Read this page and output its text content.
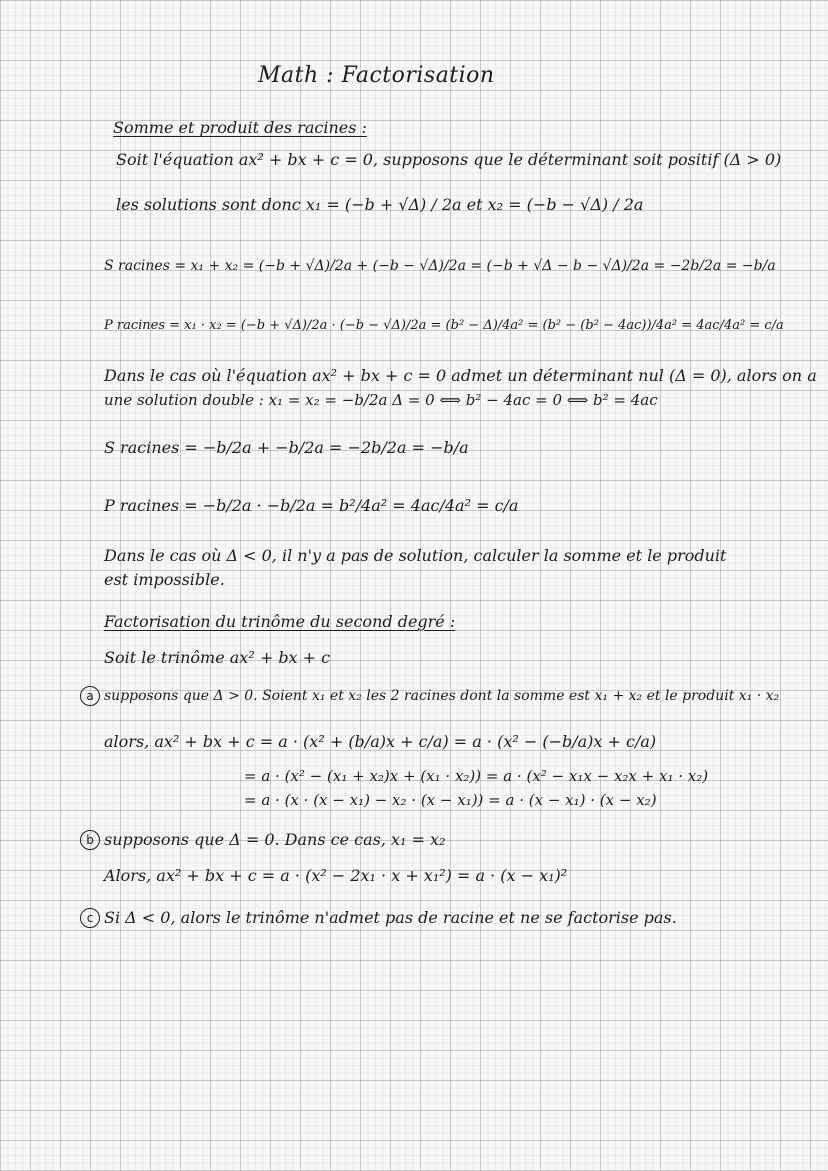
Math : Factorisation
Somme et produit des racines :
Soit l'équation ax² + bx + c = 0, supposons que le déterminant soit positif (Δ > 0)
les solutions sont donc x₁ = (−b + √Δ) / 2a et x₂ = (−b − √Δ) / 2a
S racines = x₁ + x₂ = (−b + √Δ)/2a + (−b − √Δ)/2a = (−b + √Δ − b − √Δ)/2a = −2b/2a = −b/a
P racines = x₁ · x₂ = (−b + √Δ)/2a · (−b − √Δ)/2a = (b² − Δ)/4a² = (b² − (b² − 4ac))/4a² = 4ac/4a² = c/a
Dans le cas où l'équation ax² + bx + c = 0 admet un déterminant nul (Δ = 0), alors on a
une solution double : x₁ = x₂ = −b/2a Δ = 0 ⟺ b² − 4ac = 0 ⟺ b² = 4ac
S racines = −b/2a + −b/2a = −2b/2a = −b/a
P racines = −b/2a · −b/2a = b²/4a² = 4ac/4a² = c/a
Dans le cas où Δ < 0, il n'y a pas de solution, calculer la somme et le produit
est impossible.
Factorisation du trinôme du second degré :
Soit le trinôme ax² + bx + c
a supposons que Δ > 0. Soient x₁ et x₂ les 2 racines dont la somme est x₁ + x₂ et le produit x₁ · x₂
alors, ax² + bx + c = a · (x² + (b/a)x + c/a) = a · (x² − (−b/a)x + c/a)
= a · (x² − (x₁ + x₂)x + (x₁ · x₂)) = a · (x² − x₁x − x₂x + x₁ · x₂)
= a · (x · (x − x₁) − x₂ · (x − x₁)) = a · (x − x₁) · (x − x₂)
b supposons que Δ = 0. Dans ce cas, x₁ = x₂
Alors, ax² + bx + c = a · (x² − 2x₁ · x + x₁²) = a · (x − x₁)²
c Si Δ < 0, alors le trinôme n'admet pas de racine et ne se factorise pas.
